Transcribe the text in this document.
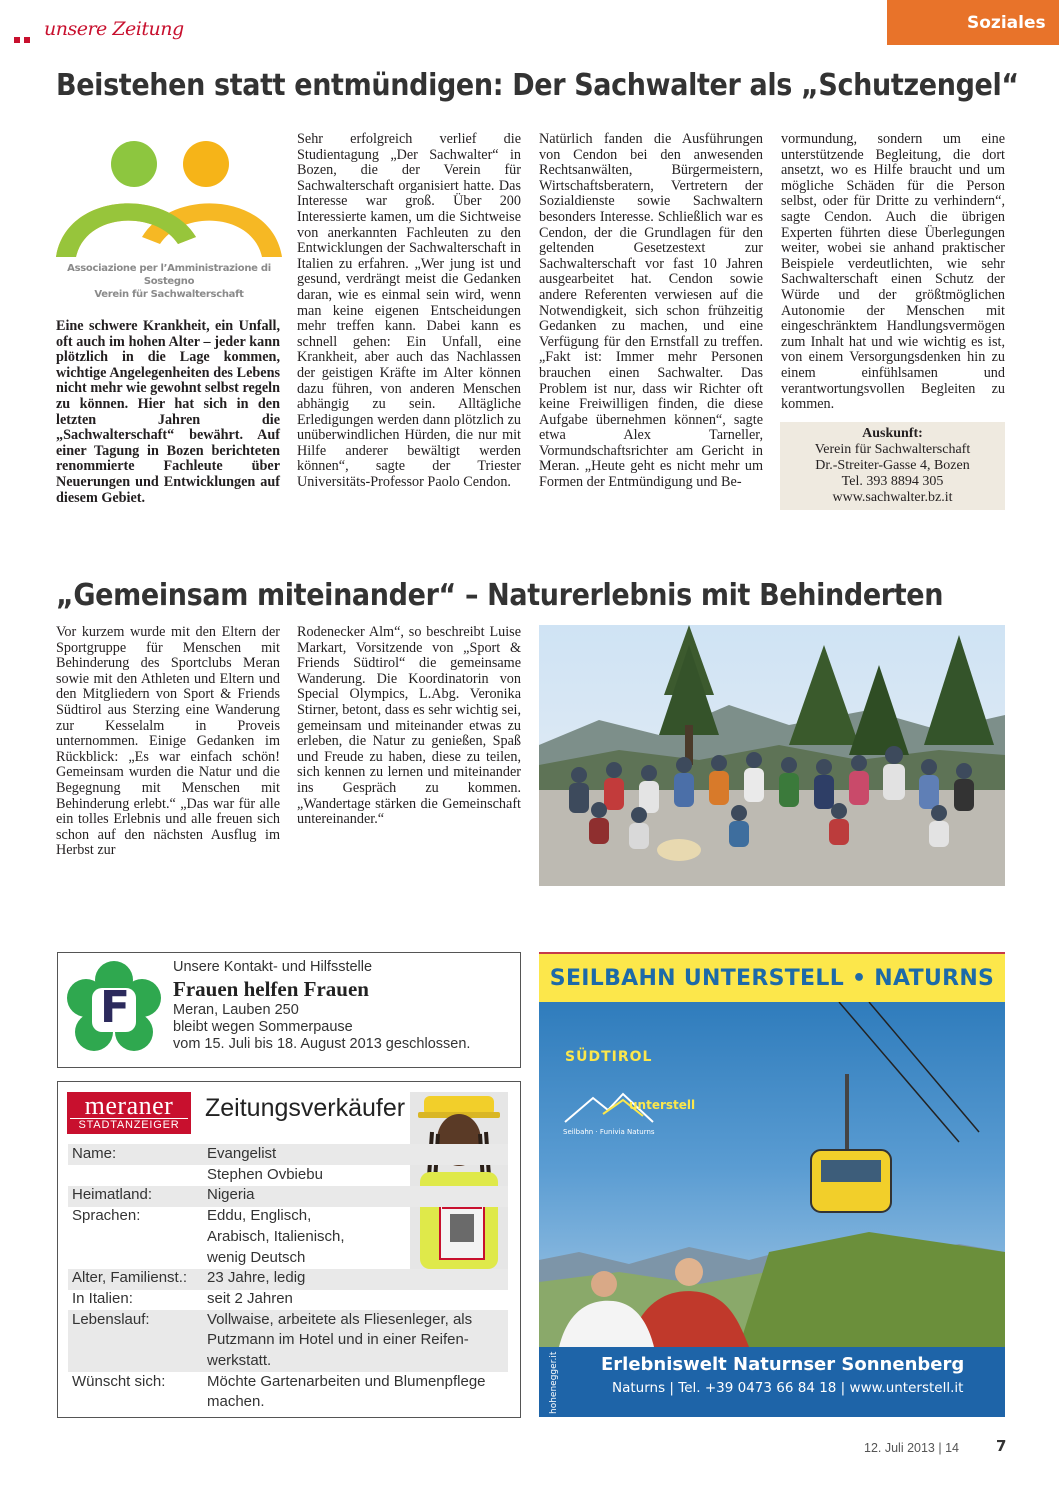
unsere Zeitung	Soziales
Beistehen statt entmündigen: Der Sachwalter als „Schutzengel“
Associazione per l’Amministrazione di Sostegno
Verein für Sachwalterschaft
Eine schwere Krankheit, ein Unfall, oft auch im hohen Alter – jeder kann plötzlich in die Lage kommen, wichtige Angelegenheiten des Lebens nicht mehr wie gewohnt selbst regeln zu können. Hier hat sich in den letzten Jahren die „Sachwalterschaft“ bewährt. Auf einer Tagung in Bozen berichteten renommierte Fachleute über Neuerungen und Entwicklungen auf diesem Gebiet.
Sehr erfolgreich verlief die Studientagung „Der Sachwalter“ in Bozen, die der Verein für Sachwalterschaft organisiert hatte. Das Interesse war groß. Über 200 Interessierte kamen, um die Sichtweise von anerkannten Fachleuten zu den Entwicklungen der Sachwalterschaft in Italien zu erfahren. „Wer jung ist und gesund, verdrängt meist die Gedanken daran, wie es einmal sein wird, wenn man keine eigenen Entscheidungen mehr treffen kann. Dabei kann es schnell gehen: Ein Unfall, eine Krankheit, aber auch das Nachlassen der geistigen Kräfte im Alter können dazu führen, von anderen Menschen abhängig zu sein. Alltägliche Erledigungen werden dann plötzlich zu unüberwindlichen Hürden, die nur mit Hilfe anderer bewältigt werden können“, sagte der Triester Universitäts-Professor Paolo Cendon.
Natürlich fanden die Ausführungen von Cendon bei den anwesenden Rechtsanwälten, Bürgermeistern, Wirtschaftsberatern, Vertretern der Sozialdienste sowie Sachwaltern besonders Interesse. Schließlich war es Cendon, der die Grundlagen für den geltenden Gesetzestext zur Sachwalterschaft vor fast 10 Jahren ausgearbeitet hat. Cendon sowie andere Referenten verwiesen auf die Notwendigkeit, sich schon frühzeitig Gedanken zu machen, und eine Verfügung für den Ernstfall zu treffen. „Fakt ist: Immer mehr Personen brauchen einen Sachwalter. Das Problem ist nur, dass wir Richter oft keine Freiwilligen finden, die diese Aufgabe übernehmen können“, sagte etwa Alex Tarneller, Vormundschaftsrichter am Gericht in Meran. „Heute geht es nicht mehr um Formen der Entmündigung und Be-
vormundung, sondern um eine unterstützende Begleitung, die dort ansetzt, wo es Hilfe braucht und um mögliche Schäden für die Person selbst, oder für Dritte zu verhindern“, sagte Cendon. Auch die übrigen Experten führten diese Überlegungen weiter, wobei sie anhand praktischer Beispiele verdeutlichten, wie sehr Sachwalterschaft einen Schutz der Würde und der größtmöglichen Autonomie der Menschen mit eingeschränktem Handlungsvermögen zum Inhalt hat und wie wichtig es ist, von einem Versorgungsdenken hin zu einem einfühlsamen und verantwortungsvollen Begleiten zu kommen.
Auskunft:
Verein für Sachwalterschaft
Dr.-Streiter-Gasse 4, Bozen
Tel. 393 8894 305
www.sachwalter.bz.it
„Gemeinsam miteinander“ – Naturerlebnis mit Behinderten
Vor kurzem wurde mit den Eltern der Sportgruppe für Menschen mit Behinderung des Sportclubs Meran sowie mit den Athleten und Eltern und den Mitgliedern von Sport & Friends Südtirol aus Sterzing eine Wanderung zur Kesselalm in Proveis unternommen. Einige Gedanken im Rückblick: „Es war einfach schön! Gemeinsam wurden die Natur und die Begegnung mit Menschen mit Behinderung erlebt.“ „Das war für alle ein tolles Erlebnis und alle freuen sich schon auf den nächsten Ausflug im Herbst zur
Rodenecker Alm“, so beschreibt Luise Markart, Vorsitzende von „Sport & Friends Südtirol“ die gemeinsame Wanderung. Die Koordinatorin von Special Olympics, L.Abg. Veronika Stirner, betont, dass es sehr wichtig sei, gemeinsam und miteinander etwas zu erleben, die Natur zu genießen, Spaß und Freude zu haben, diese zu teilen, sich kennen zu lernen und miteinander ins Gespräch zu kommen. „Wandertage stärken die Gemeinschaft untereinander.“
F
Unsere Kontakt- und Hilfsstelle
Frauen helfen Frauen
Meran, Lauben 250
bleibt wegen Sommerpause
vom 15. Juli bis 18. August 2013 geschlossen.
meraner
STADTANZEIGER
Zeitungsverkäufer
Name:	Evangelist
Stephen Ovbiebu
Heimatland:	Nigeria
Sprachen:	Eddu, Englisch,
Arabisch, Italienisch,
wenig Deutsch
Alter, Familienst.:	23 Jahre, ledig
In Italien:	seit 2 Jahren
Lebenslauf:	Vollwaise, arbeitete als Fliesenleger, als
Putzmann im Hotel und in einer Reifen-
werkstatt.
Wünscht sich:	Möchte Gartenarbeiten und Blumenpflege
machen.
SEILBAHN UNTERSTELL • NATURNS
SÜDTIROL
unterstell
Seilbahn · Funivia Naturns
Erlebniswelt Naturnser Sonnenberg
Naturns | Tel. +39 0473 66 84 18 | www.unterstell.it
hohenegger.it
12. Juli 2013 | 14 7
